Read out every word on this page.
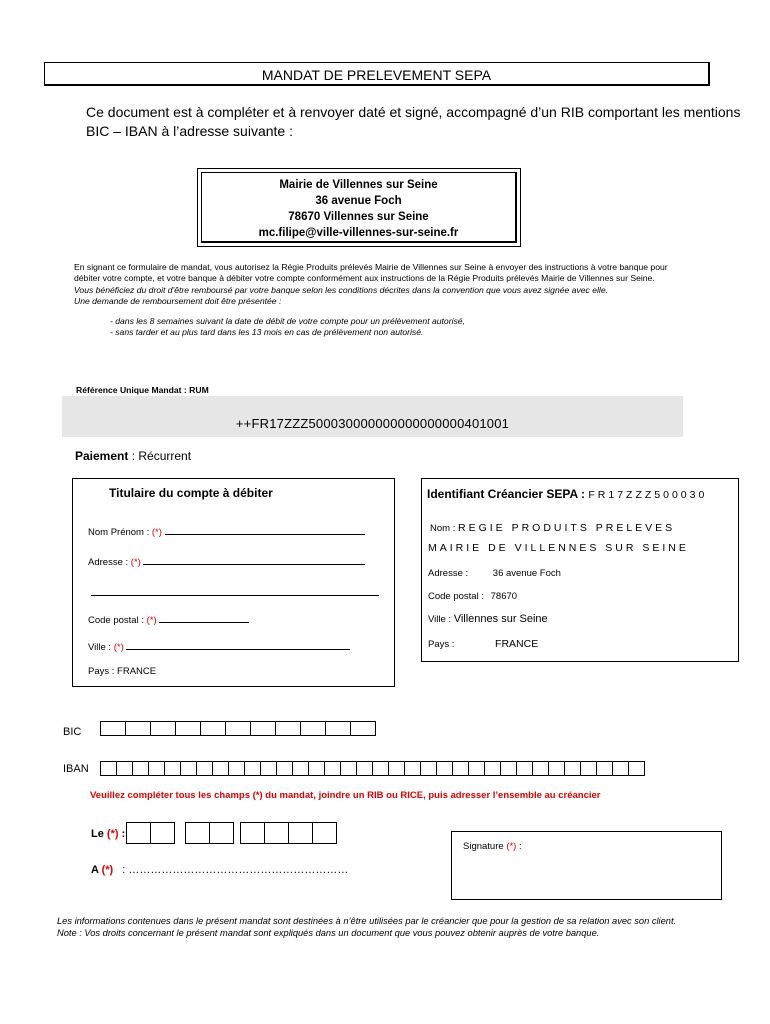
MANDAT DE PRELEVEMENT SEPA
Ce document est à compléter et à renvoyer daté et signé, accompagné d’un RIB comportant les mentions BIC – IBAN à l’adresse suivante :
Mairie de Villennes sur Seine
36 avenue Foch
78670 Villennes sur Seine
mc.filipe@ville-villennes-sur-seine.fr

En signant ce formulaire de mandat, vous autorisez la Régie Produits prélevés Mairie de Villennes sur Seine à envoyer des instructions à votre banque pour débiter votre compte, et votre banque à débiter votre compte conformément aux instructions de la Régie Produits prélevés Mairie de Villennes sur Seine.

Vous bénéficiez du droit d'être remboursé par votre banque selon les conditions décrites dans la convention que vous avez signée avec elle.

Une demande de remboursement doit être présentée :

- dans les 8 semaines suivant la date de débit de votre compte pour un prélèvement autorisé,
- sans tarder et au plus tard dans les 13 mois en cas de prélèvement non autorisé.
Référence Unique Mandat : RUM
++FR17ZZZ500030000000000000000401001
Paiement : Récurrent
Titulaire du compte à débiter
Nom Prénom : (*)
Adresse : (*)
Code postal : (*)
Ville : (*)
Pays : FRANCE
Identifiant Créancier SEPA : FR17ZZZ500030
Nom : REGIE PRODUITS PRELEVES
MAIRIE DE VILLENNES SUR SEINE
Adresse : 36 avenue Foch
Code postal : 78670
Ville : Villennes sur Seine
Pays :	FRANCE
BIC
IBAN
Veuillez compléter tous les champs (*) du mandat, joindre un RIB ou RICE, puis adresser l’ensemble au créancier
Le (*) :
A (*) : ……………………………………………………
Signature (*) :
Les informations contenues dans le présent mandat sont destinées à n’être utilisées par le créancier que pour la gestion de sa relation avec son client.
Note : Vos droits concernant le présent mandat sont expliqués dans un document que vous pouvez obtenir auprès de votre banque.
